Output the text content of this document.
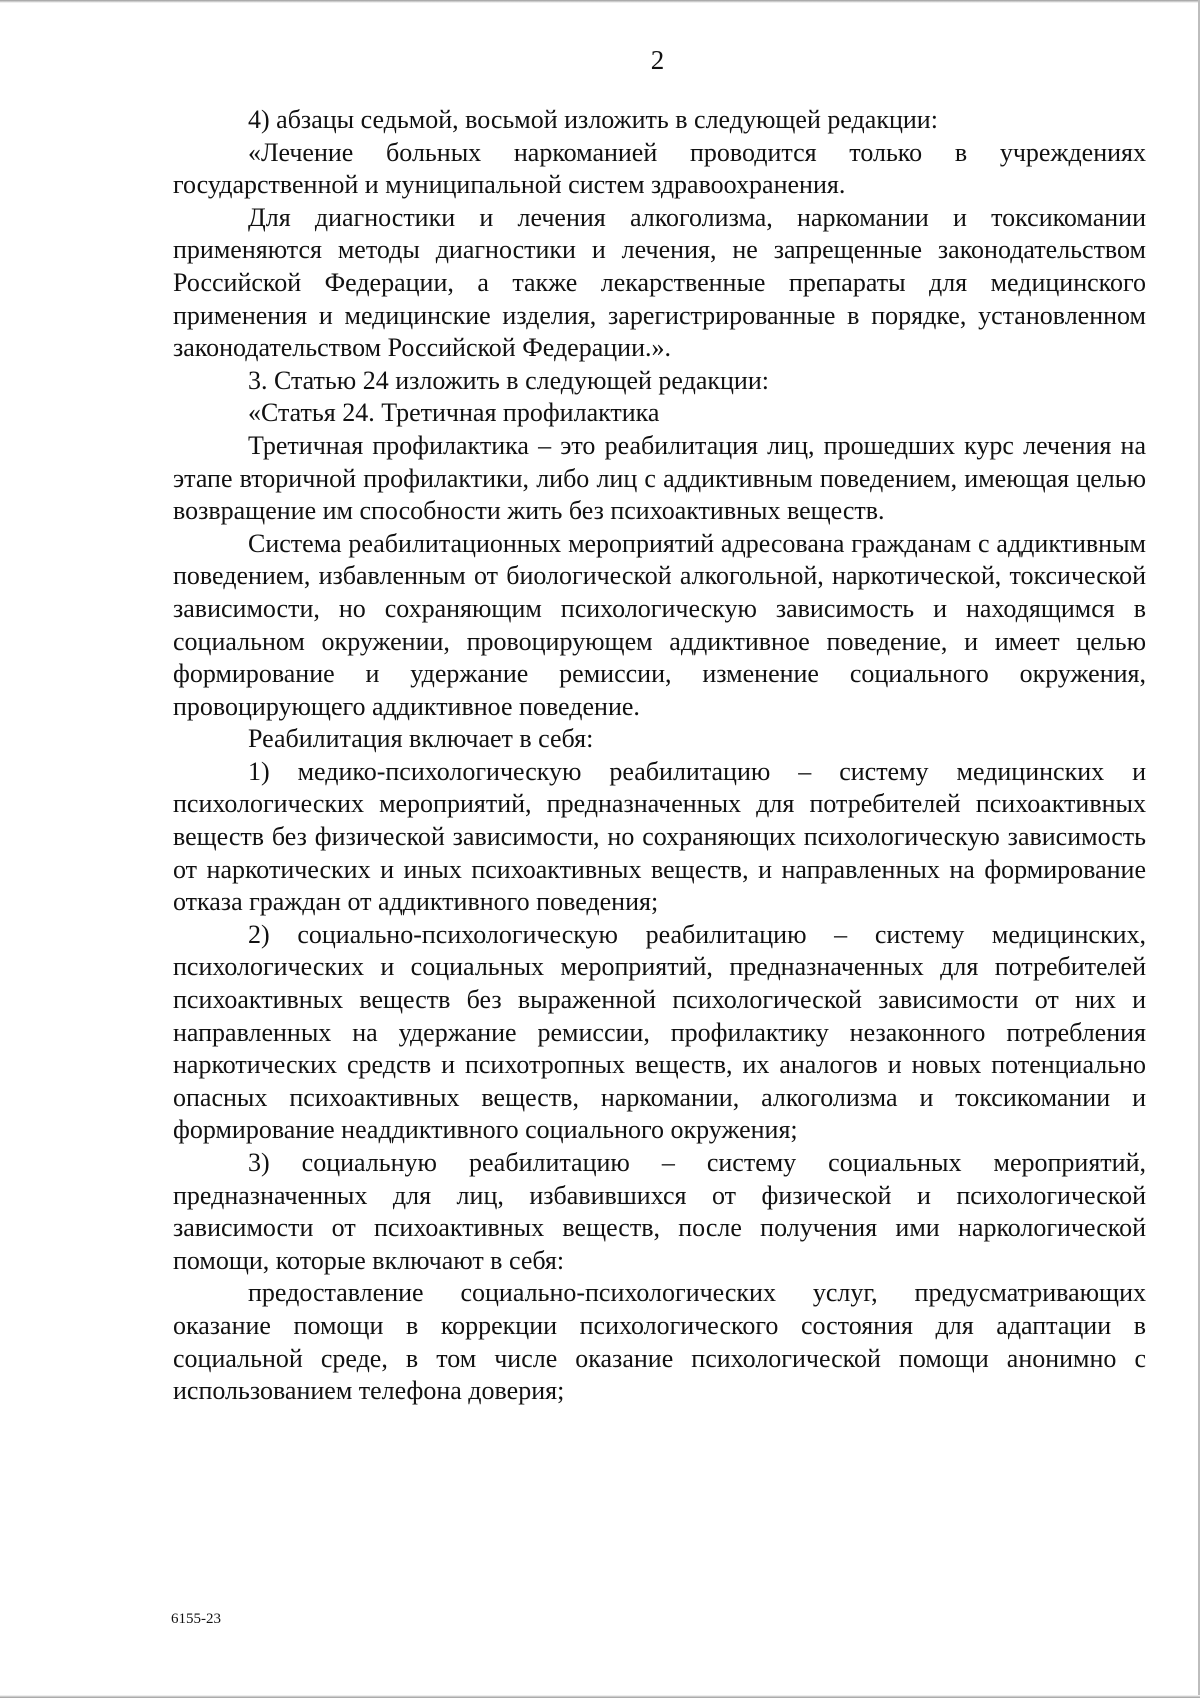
2

4) абзацы седьмой, восьмой изложить в следующей редакции:

«Лечение больных наркоманией проводится только в учреждениях государственной и муниципальной систем здравоохранения.

Для диагностики и лечения алкоголизма, наркомании и токсикомании применяются методы диагностики и лечения, не запрещенные законодательством Российской Федерации, а также лекарственные препараты для медицинского применения и медицинские изделия, зарегистрированные в порядке, установленном законодательством Российской Федерации.».

3. Статью 24 изложить в следующей редакции:

«Статья 24. Третичная профилактика

Третичная профилактика – это реабилитация лиц, прошедших курс лечения на этапе вторичной профилактики, либо лиц с аддиктивным поведением, имеющая целью возвращение им способности жить без психоактивных веществ.

Система реабилитационных мероприятий адресована гражданам с аддиктивным поведением, избавленным от биологической алкогольной, наркотической, токсической зависимости, но сохраняющим психологическую зависимость и находящимся в социальном окружении, провоцирующем аддиктивное поведение, и имеет целью формирование и удержание ремиссии, изменение социального окружения, провоцирующего аддиктивное поведение.

Реабилитация включает в себя:

1) медико-психологическую реабилитацию – систему медицинских и психологических мероприятий, предназначенных для потребителей психоактивных веществ без физической зависимости, но сохраняющих психологическую зависимость от наркотических и иных психоактивных веществ, и направленных на формирование отказа граждан от аддиктивного поведения;

2) социально-психологическую реабилитацию – систему медицинских, психологических и социальных мероприятий, предназначенных для потребителей психоактивных веществ без выраженной психологической зависимости от них и направленных на удержание ремиссии, профилактику незаконного потребления наркотических средств и психотропных веществ, их аналогов и новых потенциально опасных психоактивных веществ, наркомании, алкоголизма и токсикомании и формирование неаддиктивного социального окружения;

3) социальную реабилитацию – систему социальных мероприятий, предназначенных для лиц, избавившихся от физической и психологической зависимости от психоактивных веществ, после получения ими наркологической помощи, которые включают в себя:

предоставление социально-психологических услуг, предусматривающих оказание помощи в коррекции психологического состояния для адаптации в социальной среде, в том числе оказание психологической помощи анонимно с использованием телефона доверия;

6155-23
